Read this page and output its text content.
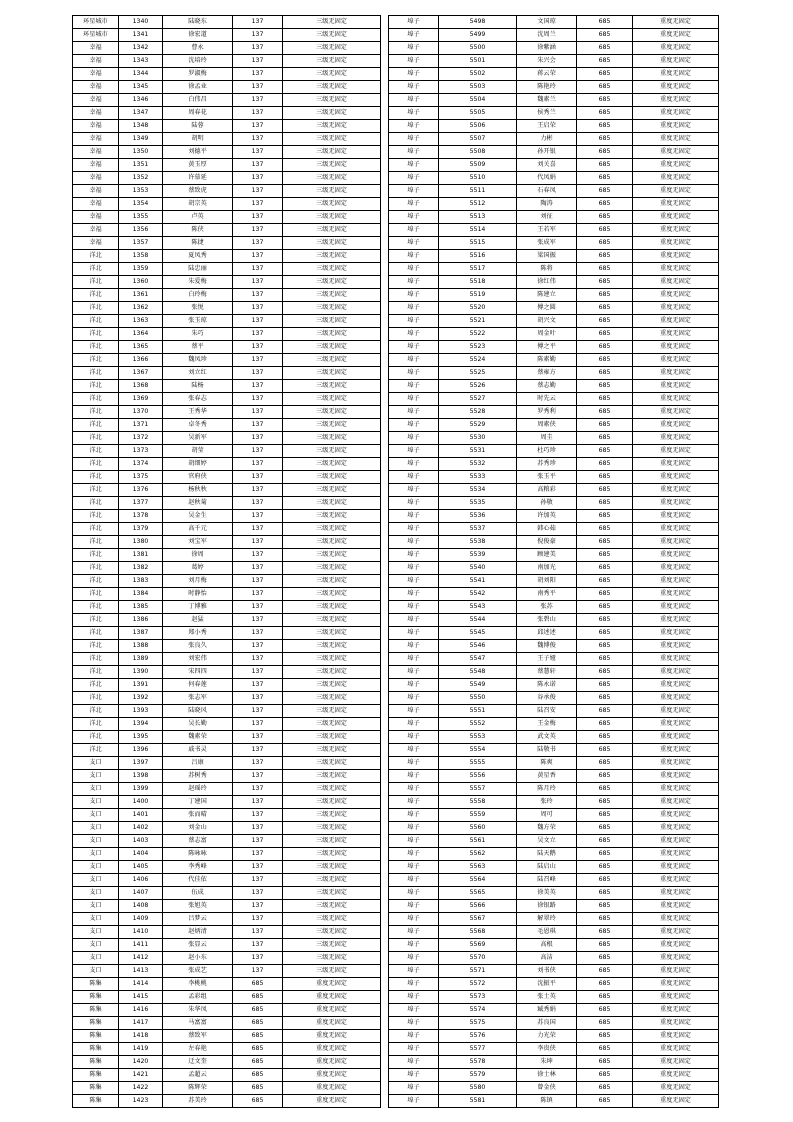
环星城市	1340	陆晓东	137	三级无固定
环星城市	1341	徐宏道	137	三级无固定
幸福	1342	曹永	137	三级无固定
幸福	1343	沈培玲	137	三级无固定
幸福	1344	罗淑梅	137	三级无固定
幸福	1345	徐孟业	137	三级无固定
幸福	1346	白伟昌	137	三级无固定
幸福	1347	周春花	137	三级无固定
幸福	1348	陆蓉	137	三级无固定
幸福	1349	胡明	137	三级无固定
幸福	1350	刘德平	137	三级无固定
幸福	1351	黄玉厚	137	三级无固定
幸福	1352	许慕延	137	三级无固定
幸福	1353	蔡致虎	137	三级无固定
幸福	1354	胡宗英	137	三级无固定
幸福	1355	卢英	137	三级无固定
幸福	1356	陈侠	137	三级无固定
幸福	1357	陈捷	137	三级无固定
洋北	1358	夏凤秀	137	三级无固定
洋北	1359	陆忠丽	137	三级无固定
洋北	1360	朱爱梅	137	三级无固定
洋北	1361	白玲梅	137	三级无固定
洋北	1362	张悦	137	三级无固定
洋北	1363	张玉琼	137	三级无固定
洋北	1364	朱巧	137	三级无固定
洋北	1365	蔡平	137	三级无固定
洋北	1366	魏凤珍	137	三级无固定
洋北	1367	刘立红	137	三级无固定
洋北	1368	陆杨	137	三级无固定
洋北	1369	张春志	137	三级无固定
洋北	1370	王秀华	137	三级无固定
洋北	1371	卓冬秀	137	三级无固定
洋北	1372	吴新军	137	三级无固定
洋北	1373	胡莹	137	三级无固定
洋北	1374	胡细婷	137	三级无固定
洋北	1375	官府侠	137	三级无固定
洋北	1376	杨秋秋	137	三级无固定
洋北	1377	赵秋菊	137	三级无固定
洋北	1378	吴金生	137	三级无固定
洋北	1379	高千元	137	三级无固定
洋北	1380	刘宝军	137	三级无固定
洋北	1381	徐周	137	三级无固定
洋北	1382	葛婷	137	三级无固定
洋北	1383	刘月梅	137	三级无固定
洋北	1384	时静怡	137	三级无固定
洋北	1385	丁博雅	137	三级无固定
洋北	1386	赵猛	137	三级无固定
洋北	1387	郑小秀	137	三级无固定
洋北	1388	张良久	137	三级无固定
洋北	1389	刘宏伟	137	三级无固定
洋北	1390	宋四四	137	三级无固定
洋北	1391	何春莲	137	三级无固定
洋北	1392	张志军	137	三级无固定
洋北	1393	陆晓风	137	三级无固定
洋北	1394	吴长勤	137	三级无固定
洋北	1395	魏素荣	137	三级无固定
洋北	1396	戚书灵	137	三级无固定
支口	1397	吕康	137	三级无固定
支口	1398	苏树秀	137	三级无固定
支口	1399	赵瑶玲	137	三级无固定
支口	1400	丁建国	137	三级无固定
支口	1401	张而晴	137	三级无固定
支口	1402	刘金山	137	三级无固定
支口	1403	蔡志富	137	三级无固定
支口	1404	陈咏咏	137	三级无固定
支口	1405	李秀峰	137	三级无固定
支口	1406	代佳依	137	三级无固定
支口	1407	伍成	137	三级无固定
支口	1408	张旭英	137	三级无固定
支口	1409	吕梦云	137	三级无固定
支口	1410	赵炳清	137	三级无固定
支口	1411	张显云	137	三级无固定
支口	1412	赵小东	137	三级无固定
支口	1413	张成艺	137	三级无固定
陈集	1414	李桃桃	685	重度无固定
陈集	1415	孟彩组	685	重度无固定
陈集	1416	朱华凤	685	重度无固定
陈集	1417	马富富	685	重度无固定
陈集	1418	蔡致军	685	重度无固定
陈集	1419	左春艳	685	重度无固定
陈集	1420	迂文奎	685	重度无固定
陈集	1421	孟超云	685	重度无固定
陈集	1422	陈辉荣	685	重度无固定
陈集	1423	苏美玲	685	重度无固定
埠子	5498	文国琼	685	重度无固定
埠子	5499	沈周兰	685	重度无固定
埠子	5500	徐紫涵	685	重度无固定
埠子	5501	朱兴会	685	重度无固定
埠子	5502	蒋云荣	685	重度无固定
埠子	5503	陈艳玲	685	重度无固定
埠子	5504	魏素兰	685	重度无固定
埠子	5505	侯秀兰	685	重度无固定
埠子	5506	王启荣	685	重度无固定
埠子	5507	力彬	685	重度无固定
埠子	5508	孙开银	685	重度无固定
埠子	5509	刘关喜	685	重度无固定
埠子	5510	代凤娟	685	重度无固定
埠子	5511	石春凤	685	重度无固定
埠子	5512	陶涛	685	重度无固定
埠子	5513	刘征	685	重度无固定
埠子	5514	王若军	685	重度无固定
埠子	5515	张成军	685	重度无固定
埠子	5516	梁国振	685	重度无固定
埠子	5517	陈将	685	重度无固定
埠子	5518	徐红伟	685	重度无固定
埠子	5519	陈建立	685	重度无固定
埠子	5520	傅之圆	685	重度无固定
埠子	5521	胡兴文	685	重度无固定
埠子	5522	周金叶	685	重度无固定
埠子	5523	傅之平	685	重度无固定
埠子	5524	陈素勤	685	重度无固定
埠子	5525	蔡雍方	685	重度无固定
埠子	5526	蔡志勤	685	重度无固定
埠子	5527	时先云	685	重度无固定
埠子	5528	罗秀利	685	重度无固定
埠子	5529	周素侠	685	重度无固定
埠子	5530	周圭	685	重度无固定
埠子	5531	杜巧珍	685	重度无固定
埠子	5532	苏秀珍	685	重度无固定
埠子	5533	张玉平	685	重度无固定
埠子	5534	高粮彩	685	重度无固定
埠子	5535	孙敬	685	重度无固定
埠子	5536	许加英	685	重度无固定
埠子	5537	韩心茹	685	重度无固定
埠子	5538	倪俊豪	685	重度无固定
埠子	5539	顾建美	685	重度无固定
埠子	5540	南加光	685	重度无固定
埠子	5541	胡刘阳	685	重度无固定
埠子	5542	南秀平	685	重度无固定
埠子	5543	张苏	685	重度无固定
埠子	5544	张碧山	685	重度无固定
埠子	5545	邱述述	685	重度无固定
埠子	5546	魏博俊	685	重度无固定
埠子	5547	王子娅	685	重度无固定
埠子	5548	蔡慧轩	685	重度无固定
埠子	5549	陈永诺	685	重度无固定
埠子	5550	谷承俊	685	重度无固定
埠子	5551	陆召安	685	重度无固定
埠子	5552	王金梅	685	重度无固定
埠子	5553	武文英	685	重度无固定
埠子	5554	陆敬书	685	重度无固定
埠子	5555	陈爽	685	重度无固定
埠子	5556	黄星香	685	重度无固定
埠子	5557	陈月玲	685	重度无固定
埠子	5558	张玲	685	重度无固定
埠子	5559	周可	685	重度无固定
埠子	5560	魏方荣	685	重度无固定
埠子	5561	吴文立	685	重度无固定
埠子	5562	陆天鹅	685	重度无固定
埠子	5563	陆启山	685	重度无固定
埠子	5564	陆召峰	685	重度无固定
埠子	5565	徐美英	685	重度无固定
埠子	5566	徐银路	685	重度无固定
埠子	5567	解翠玲	685	重度无固定
埠子	5568	毛恩琪	685	重度无固定
埠子	5569	高根	685	重度无固定
埠子	5570	高洁	685	重度无固定
埠子	5571	刘书侠	685	重度无固定
埠子	5572	沈振平	685	重度无固定
埠子	5573	张士英	685	重度无固定
埠子	5574	臧秀娟	685	重度无固定
埠子	5575	苏良国	685	重度无固定
埠子	5576	力光荣	685	重度无固定
埠子	5577	李贵侠	685	重度无固定
埠子	5578	朱坤	685	重度无固定
埠子	5579	徐士林	685	重度无固定
埠子	5580	曾金侠	685	重度无固定
埠子	5581	陈镇	685	重度无固定
